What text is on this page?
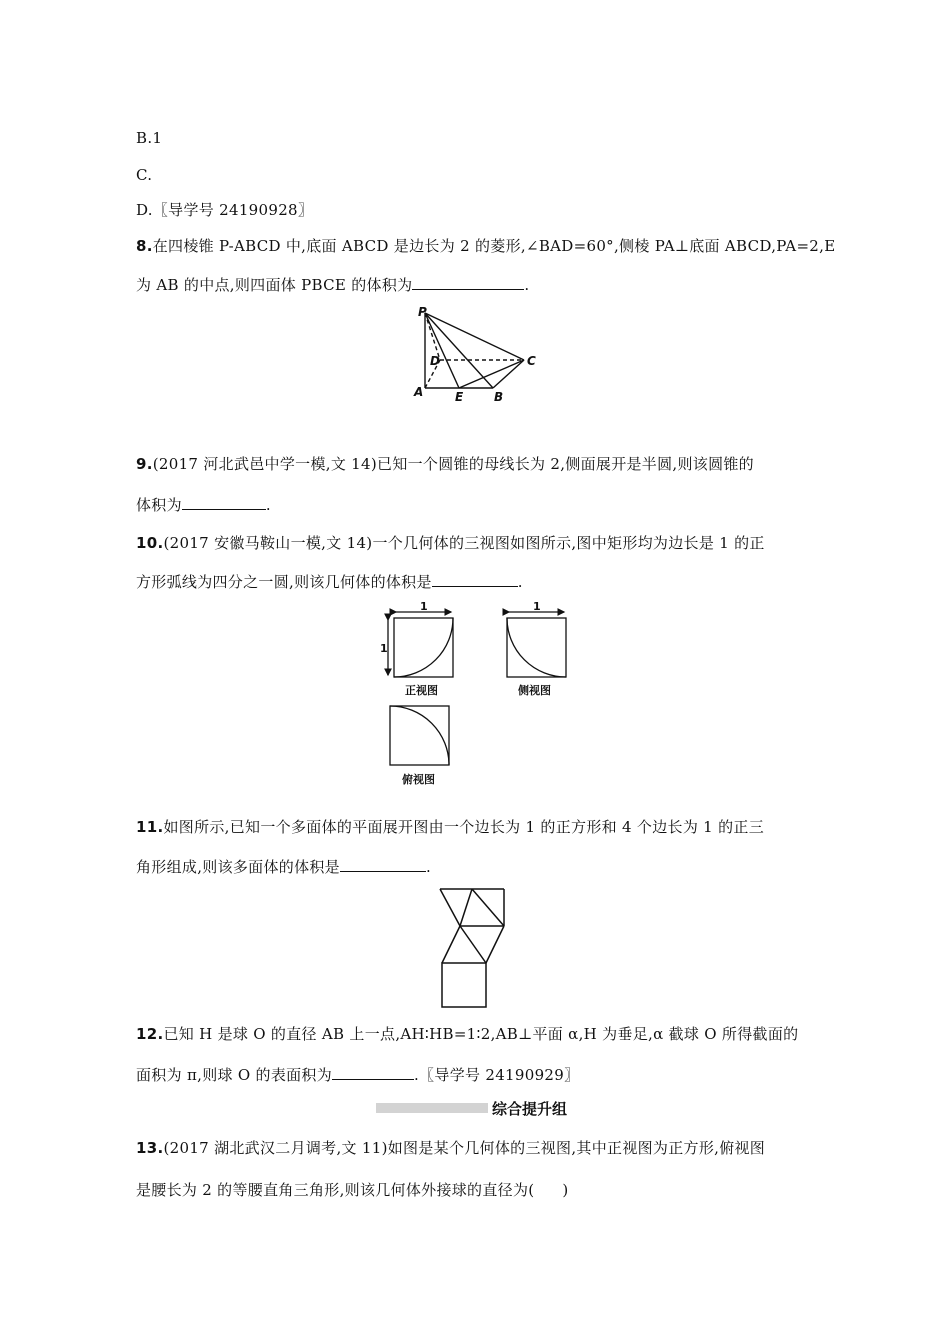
B.1
C.
D.〖导学号 24190928〗
8.在四棱锥 P-ABCD 中,底面 ABCD 是边长为 2 的菱形,∠BAD=60°,侧棱 PA⊥底面 ABCD,PA=2,E
为 AB 的中点,则四面体 PBCE 的体积为	.
P
D	C
A	E	B
9.(2017 河北武邑中学一模,文 14)已知一个圆锥的母线长为 2,侧面展开是半圆,则该圆锥的
体积为	.
10.(2017 安徽马鞍山一模,文 14)一个几何体的三视图如图所示,图中矩形均为边长是 1 的正
方形弧线为四分之一圆,则该几何体的体积是	.
1
1
1
正视图	侧视图
俯视图
11.如图所示,已知一个多面体的平面展开图由一个边长为 1 的正方形和 4 个边长为 1 的正三
角形组成,则该多面体的体积是	.
12.已知 H 是球 O 的直径 AB 上一点,AH∶HB=1∶2,AB⊥平面 α,H 为垂足,α 截球 O 所得截面的
面积为 π,则球 O 的表面积为	.〖导学号 24190929〗
综合提升组
13.(2017 湖北武汉二月调考,文 11)如图是某个几何体的三视图,其中正视图为正方形,俯视图
是腰长为 2 的等腰直角三角形,则该几何体外接球的直径为( )
